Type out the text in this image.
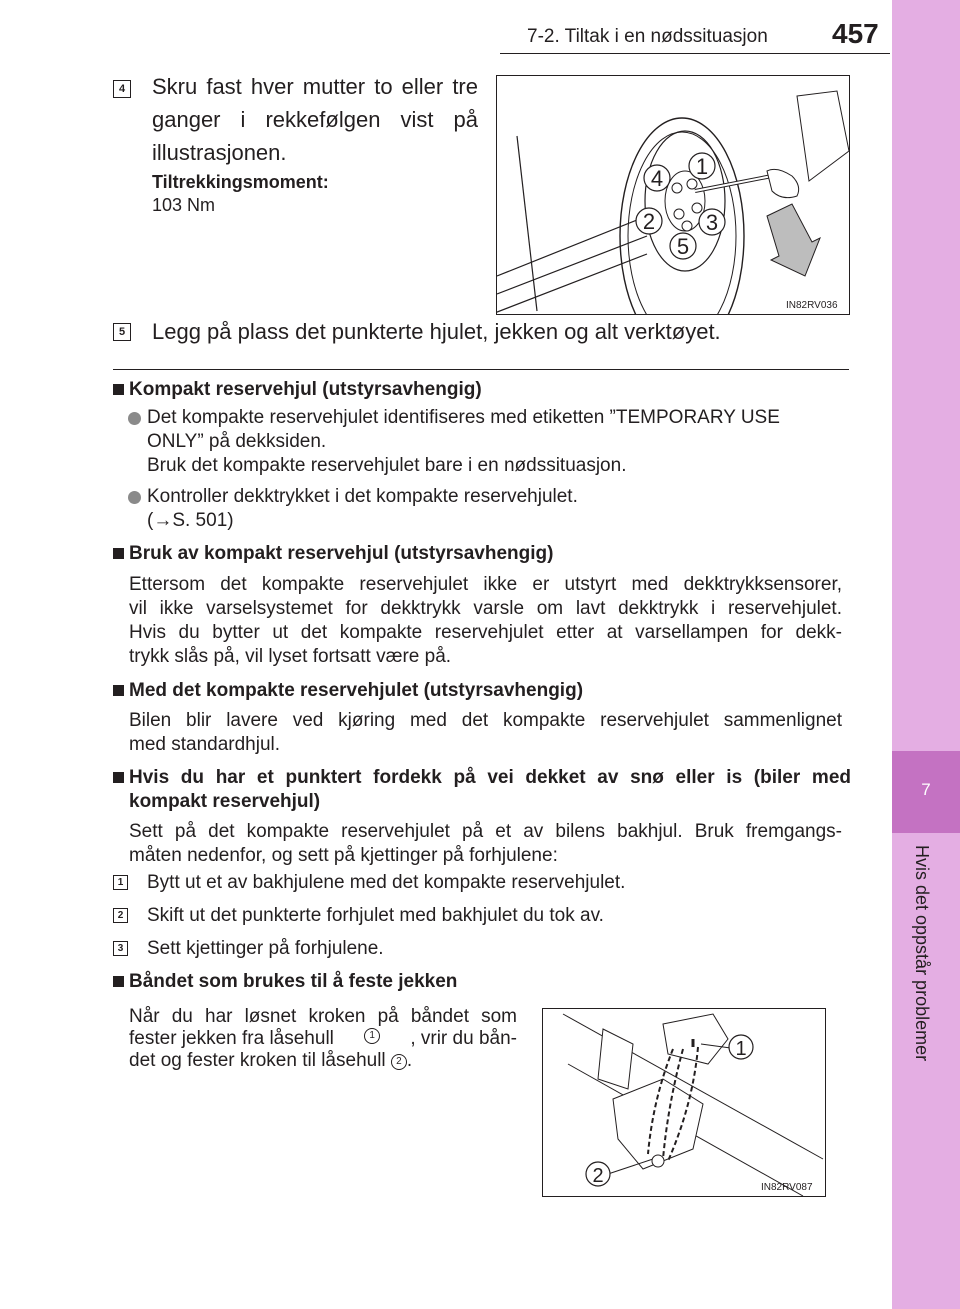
7-2. Tiltak i en nødssituasjon 457
7
Hvis det oppstår problemer
4 Skru fast hver mutter to eller tre ganger i rekkefølgen vist på illustrasjonen.
Tiltrekkingsmoment:
103 Nm
1
2 3
4
5
IN82RV036
5 Legg på plass det punkterte hjulet, jekken og alt verktøyet.
Kompakt reservehjul (utstyrsavhengig)
Det kompakte reservehjulet identifiseres med etiketten ”TEMPORARY USE
ONLY” på dekksiden.
Bruk det kompakte reservehjulet bare i en nødssituasjon.
Kontroller dekktrykket i det kompakte reservehjulet.
(→S. 501)
Bruk av kompakt reservehjul (utstyrsavhengig)
Ettersom det kompakte reservehjulet ikke er utstyrt med dekktrykksensorer,
vil ikke varselsystemet for dekktrykk varsle om lavt dekktrykk i reservehjulet.
Hvis du bytter ut det kompakte reservehjulet etter at varsellampen for dekk-
trykk slås på, vil lyset fortsatt være på.
Med det kompakte reservehjulet (utstyrsavhengig)
Bilen blir lavere ved kjøring med det kompakte reservehjulet sammenlignet
med standardhjul.
Hvis du har et punktert fordekk på vei dekket av snø eller is (biler med
kompakt reservehjul)
Sett på det kompakte reservehjulet på et av bilens bakhjul. Bruk fremgangs-
måten nedenfor, og sett på kjettinger på forhjulene:
1 Bytt ut et av bakhjulene med det kompakte reservehjulet.
2 Skift ut det punkterte forhjulet med bakhjulet du tok av.
3 Sett kjettinger på forhjulene.
Båndet som brukes til å feste jekken
Når du har løsnet kroken på båndet som
fester jekken fra låsehull	1 , vrir du bån-
det og fester kroken til låsehull 2 .
1
2
IN82RV087
